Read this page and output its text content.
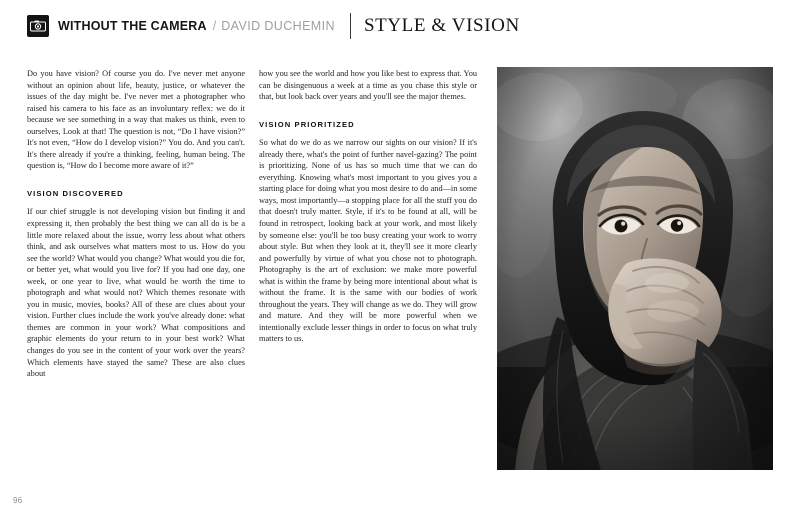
WITHOUT THE CAMERA / DAVID DUCHEMIN STYLE & VISION

Do you have vision? Of course you do. I've never met anyone without an opinion about life, beauty, justice, or whatever the issues of the day might be. I've never met a photographer who raised his camera to his face as an involuntary reflex: we do it because we see something in a way that makes us think, even to ourselves, Look at that! The question is not, “Do I have vision?” It's not even, “How do I develop vision?” You do. And you can't. It's there already if you're a thinking, feeling, human being. The question is, “How do I become more aware of it?”

VISION DISCOVERED

If our chief struggle is not developing vision but finding it and expressing it, then probably the best thing we can all do is be a little more relaxed about the issue, worry less about what others think, and ask ourselves what matters most to us. How do you see the world? What would you change? What would you die for, or better yet, what would you live for? If you had one day, one week, or one year to live, what would be worth the time to photograph and what would not? Which themes resonate with you in music, movies, books? All of these are clues about your vision. Further clues include the work you've already done: what themes are common in your work? What compositions and graphic elements do your return to in your best work? What changes do you see in the content of your work over the years? Which elements have stayed the same? These are also clues about

how you see the world and how you like best to express that. You can be disingenuous a week at a time as you chase this style or that, but look back over years and you'll see the major themes.

VISION PRIORITIZED

So what do we do as we narrow our sights on our vision? If it's already there, what's the point of further navel-gazing? The point is prioritizing. None of us has so much time that we can do everything. Knowing what's most important to you gives you a starting place for doing what you most desire to do and—in some ways, most importantly—a stopping place for all the stuff you do that doesn't truly matter. Style, if it's to be found at all, will be found in retrospect, looking back at your work, and most likely by someone else: you'll be too busy creating your work to worry about style. But when they look at it, they'll see it more clearly and powerfully by virtue of what you chose not to photograph. Photography is the art of exclusion: we make more powerful what is within the frame by being more intentional about what is without the frame. It is the same with our bodies of work throughout the years. They will change as we do. They will grow and mature. And they will be more powerful when we intentionally exclude lesser things in order to focus on what truly matters to us.

96
